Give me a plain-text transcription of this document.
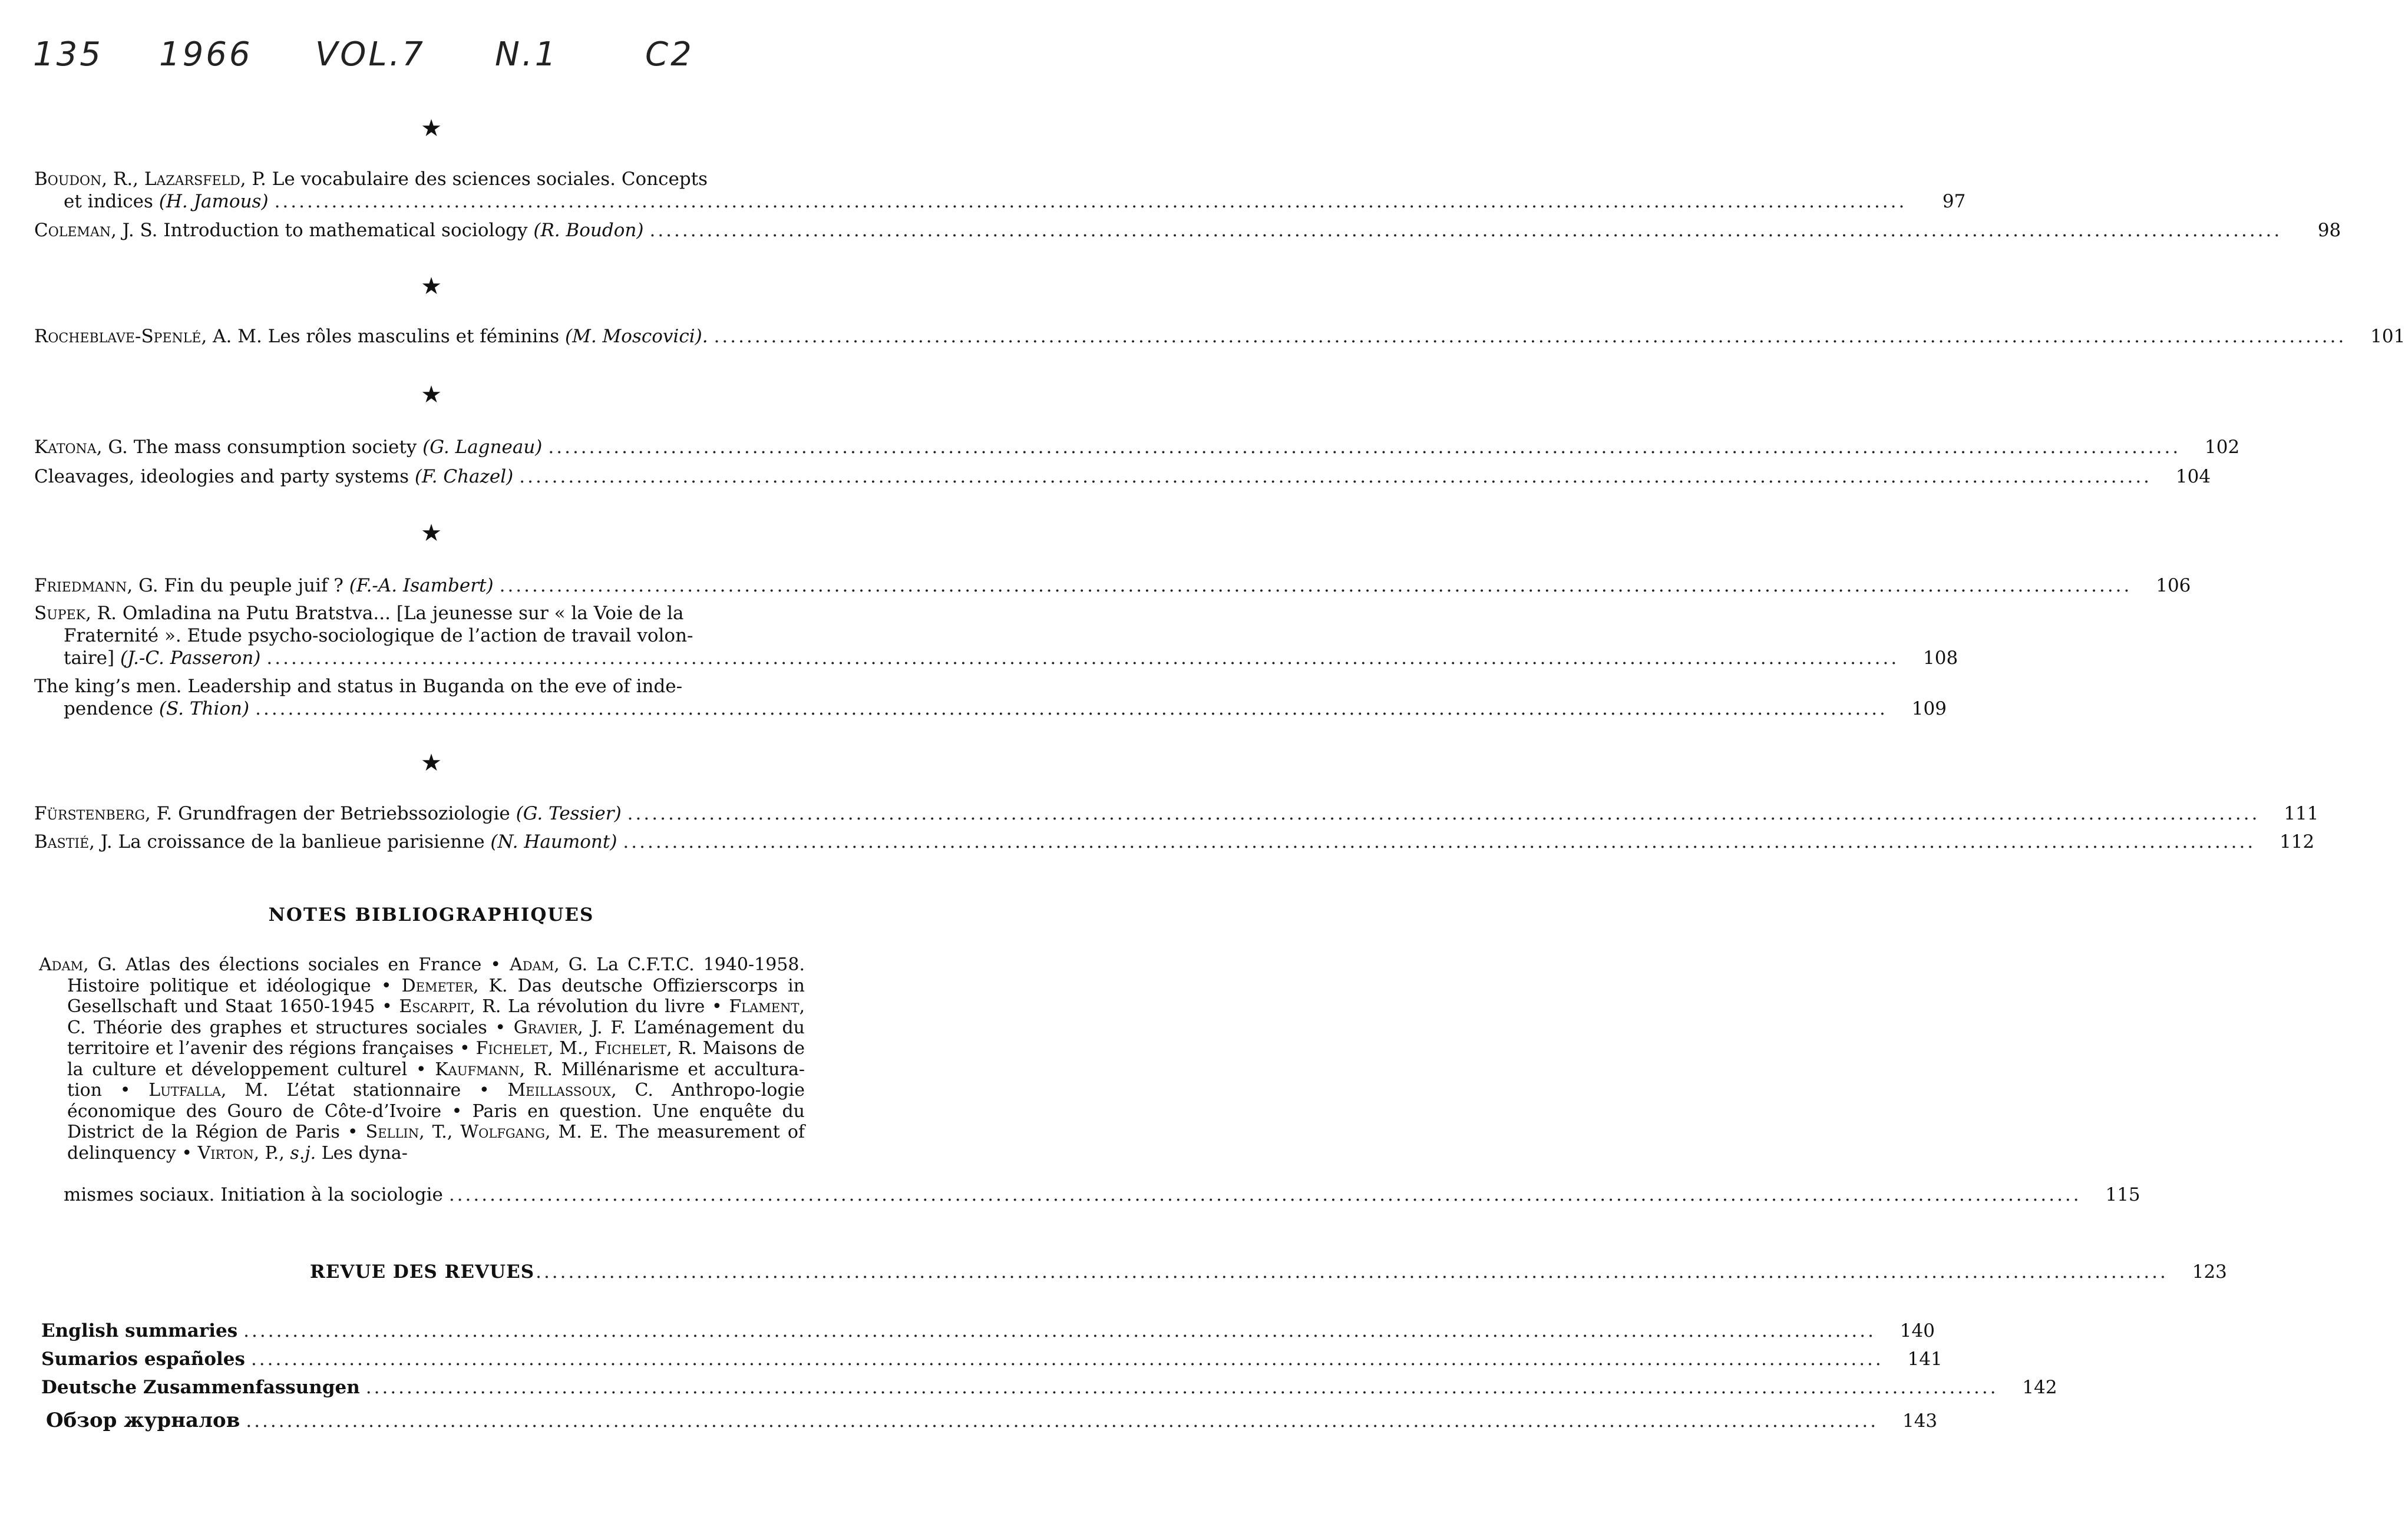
135 1966 VOL.7 N.1	C2
★
Boudon, R., Lazarsfeld, P. Le vocabulaire des sciences sociales. Concepts
et indices (H. Jamous) ........................................................................................................................................................................................................	97
Coleman, J. S. Introduction to mathematical sociology (R. Boudon) ........................................................................................................................................................................................................	98
★
Rocheblave-Spenlé, A. M. Les rôles masculins et féminins (M. Moscovici). ........................................................................................................................................................................................................	101
★
Katona, G. The mass consumption society (G. Lagneau) ........................................................................................................................................................................................................	102
Cleavages, ideologies and party systems (F. Chazel) ........................................................................................................................................................................................................	104
★
Friedmann, G. Fin du peuple juif ? (F.-A. Isambert) ........................................................................................................................................................................................................	106
Supek, R. Omladina na Putu Bratstva... [La jeunesse sur « la Voie de la
Fraternité ». Etude psycho-sociologique de l’action de travail volon-
taire] (J.-C. Passeron) ........................................................................................................................................................................................................	108
The king’s men. Leadership and status in Buganda on the eve of inde-
pendence (S. Thion) ........................................................................................................................................................................................................	109
★
Fürstenberg, F. Grundfragen der Betriebssoziologie (G. Tessier) ........................................................................................................................................................................................................	111
Bastié, J. La croissance de la banlieue parisienne (N. Haumont) ........................................................................................................................................................................................................	112
NOTES BIBLIOGRAPHIQUES

Adam, G. Atlas des élections sociales en France • Adam, G. La C.F.T.C. 1940-1958. Histoire politique et idéologique • Demeter, K. Das deutsche Offizierscorps in Gesellschaft und Staat 1650-1945 • Escarpit, R. La révolution du livre • Flament, C. Théorie des graphes et structures sociales • Gravier, J. F. L’aménagement du territoire et l’avenir des régions françaises • Fichelet, M., Fichelet, R. Maisons de la culture et développement culturel • Kaufmann, R. Millénarisme et accultura-tion • Lutfalla, M. L’état stationnaire • Meillassoux, C. Anthropo-logie économique des Gouro de Côte-d’Ivoire • Paris en question. Une enquête du District de la Région de Paris • Sellin, T., Wolfgang, M. E. The measurement of delinquency • Virton, P., s.j. Les dyna-

mismes sociaux. Initiation à la sociologie ........................................................................................................................................................................................................	115
REVUE DES REVUES ........................................................................................................................................................................................................	123
English summaries ........................................................................................................................................................................................................	140
Sumarios españoles ........................................................................................................................................................................................................	141
Deutsche Zusammenfassungen ........................................................................................................................................................................................................	142
Обзор журналов ........................................................................................................................................................................................................	143
